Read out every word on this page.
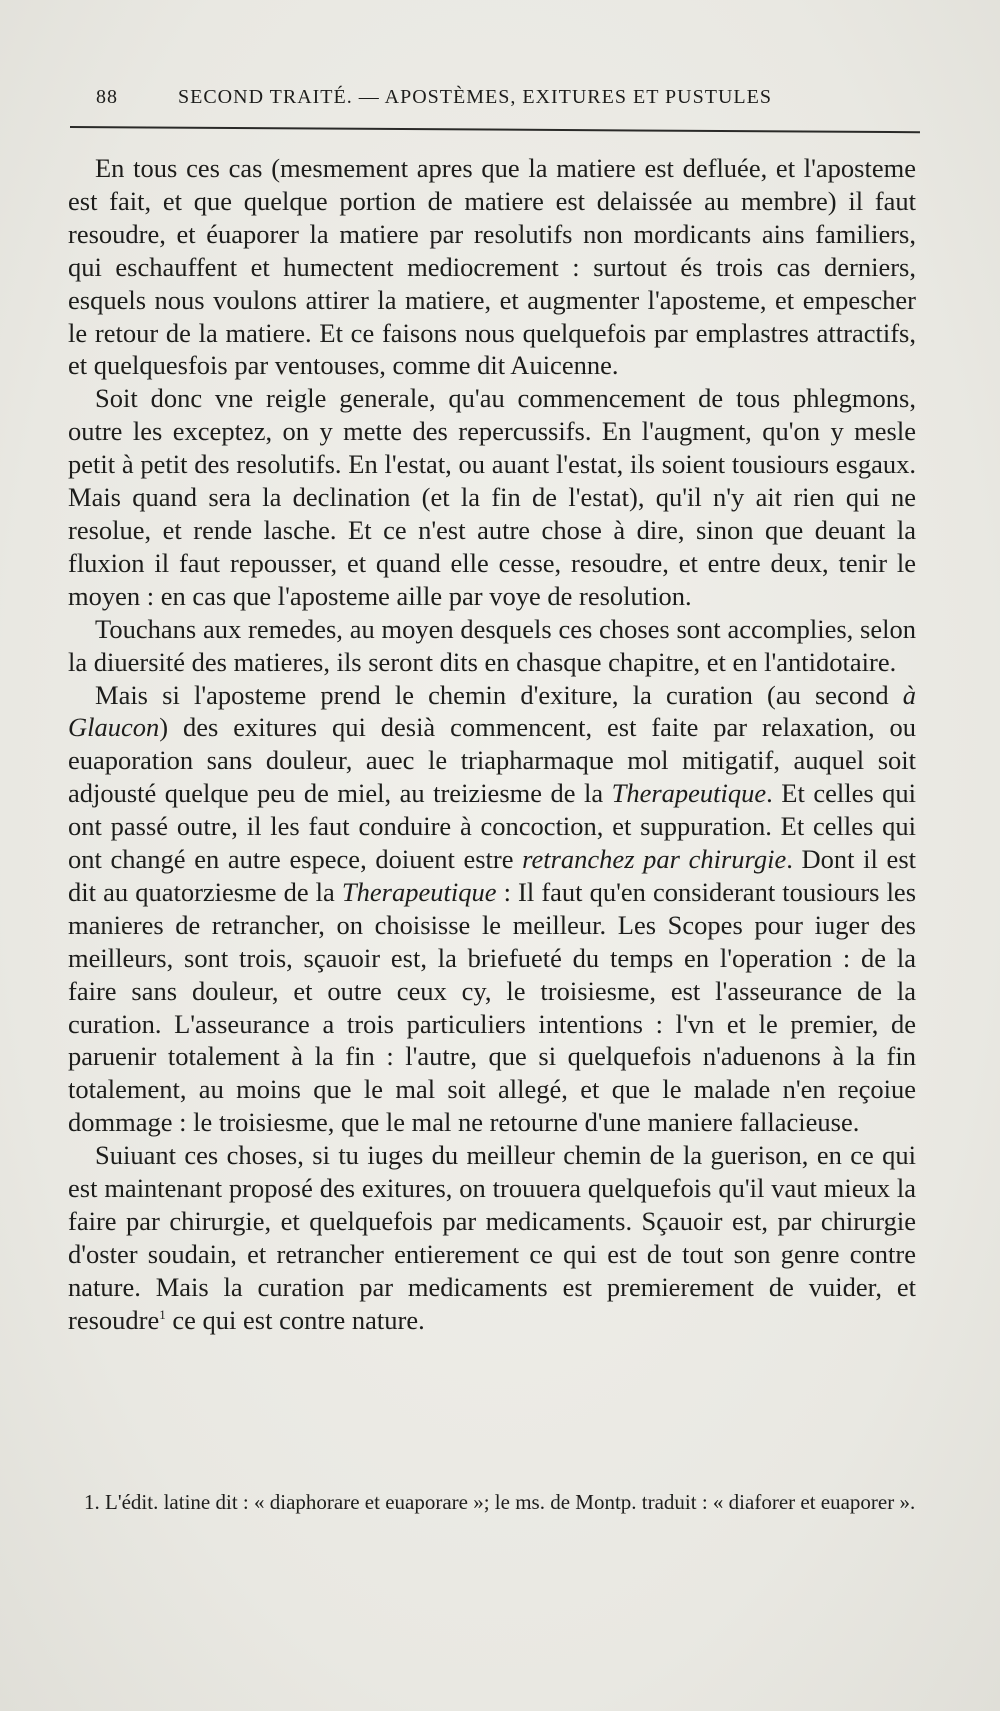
88	SECOND TRAITÉ. — APOSTÈMES, EXITURES ET PUSTULES

En tous ces cas (mesmement apres que la matiere est defluée, et l'aposteme est fait, et que quelque portion de matiere est delaissée au membre) il faut resoudre, et éuaporer la matiere par resolutifs non mordicants ains familiers, qui eschauffent et humectent mediocrement : surtout és trois cas derniers, esquels nous voulons attirer la matiere, et augmenter l'aposteme, et empescher le retour de la matiere. Et ce faisons nous quelquefois par emplastres attractifs, et quelquesfois par ventouses, comme dit Auicenne.

Soit donc vne reigle generale, qu'au commencement de tous phlegmons, outre les exceptez, on y mette des repercussifs. En l'augment, qu'on y mesle petit à petit des resolutifs. En l'estat, ou auant l'estat, ils soient tousiours esgaux. Mais quand sera la declination (et la fin de l'estat), qu'il n'y ait rien qui ne resolue, et rende lasche. Et ce n'est autre chose à dire, sinon que deuant la fluxion il faut repousser, et quand elle cesse, resoudre, et entre deux, tenir le moyen : en cas que l'aposteme aille par voye de resolution.

Touchans aux remedes, au moyen desquels ces choses sont accomplies, selon la diuersité des matieres, ils seront dits en chasque chapitre, et en l'antidotaire.

Mais si l'aposteme prend le chemin d'exiture, la curation (au second à Glaucon) des exitures qui desià commencent, est faite par relaxation, ou euaporation sans douleur, auec le triapharmaque mol mitigatif, auquel soit adjousté quelque peu de miel, au treiziesme de la Therapeutique. Et celles qui ont passé outre, il les faut conduire à concoction, et suppuration. Et celles qui ont changé en autre espece, doiuent estre retranchez par chirurgie. Dont il est dit au quatorziesme de la Therapeutique : Il faut qu'en considerant tousiours les manieres de retrancher, on choisisse le meilleur. Les Scopes pour iuger des meilleurs, sont trois, sçauoir est, la briefueté du temps en l'operation : de la faire sans douleur, et outre ceux cy, le troisiesme, est l'asseurance de la curation. L'asseurance a trois particuliers intentions : l'vn et le premier, de paruenir totalement à la fin : l'autre, que si quelquefois n'aduenons à la fin totalement, au moins que le mal soit allegé, et que le malade n'en reçoiue dommage : le troisiesme, que le mal ne retourne d'une maniere fallacieuse.

Suiuant ces choses, si tu iuges du meilleur chemin de la guerison, en ce qui est maintenant proposé des exitures, on trouuera quelquefois qu'il vaut mieux la faire par chirurgie, et quelquefois par medicaments. Sçauoir est, par chirurgie d'oster soudain, et retrancher entierement ce qui est de tout son genre contre nature. Mais la curation par medicaments est premierement de vuider, et resoudre$^1$ ce qui est contre nature.

1. L'édit. latine dit : « diaphorare et euaporare »; le ms. de Montp. traduit : « diaforer et euaporer ».
